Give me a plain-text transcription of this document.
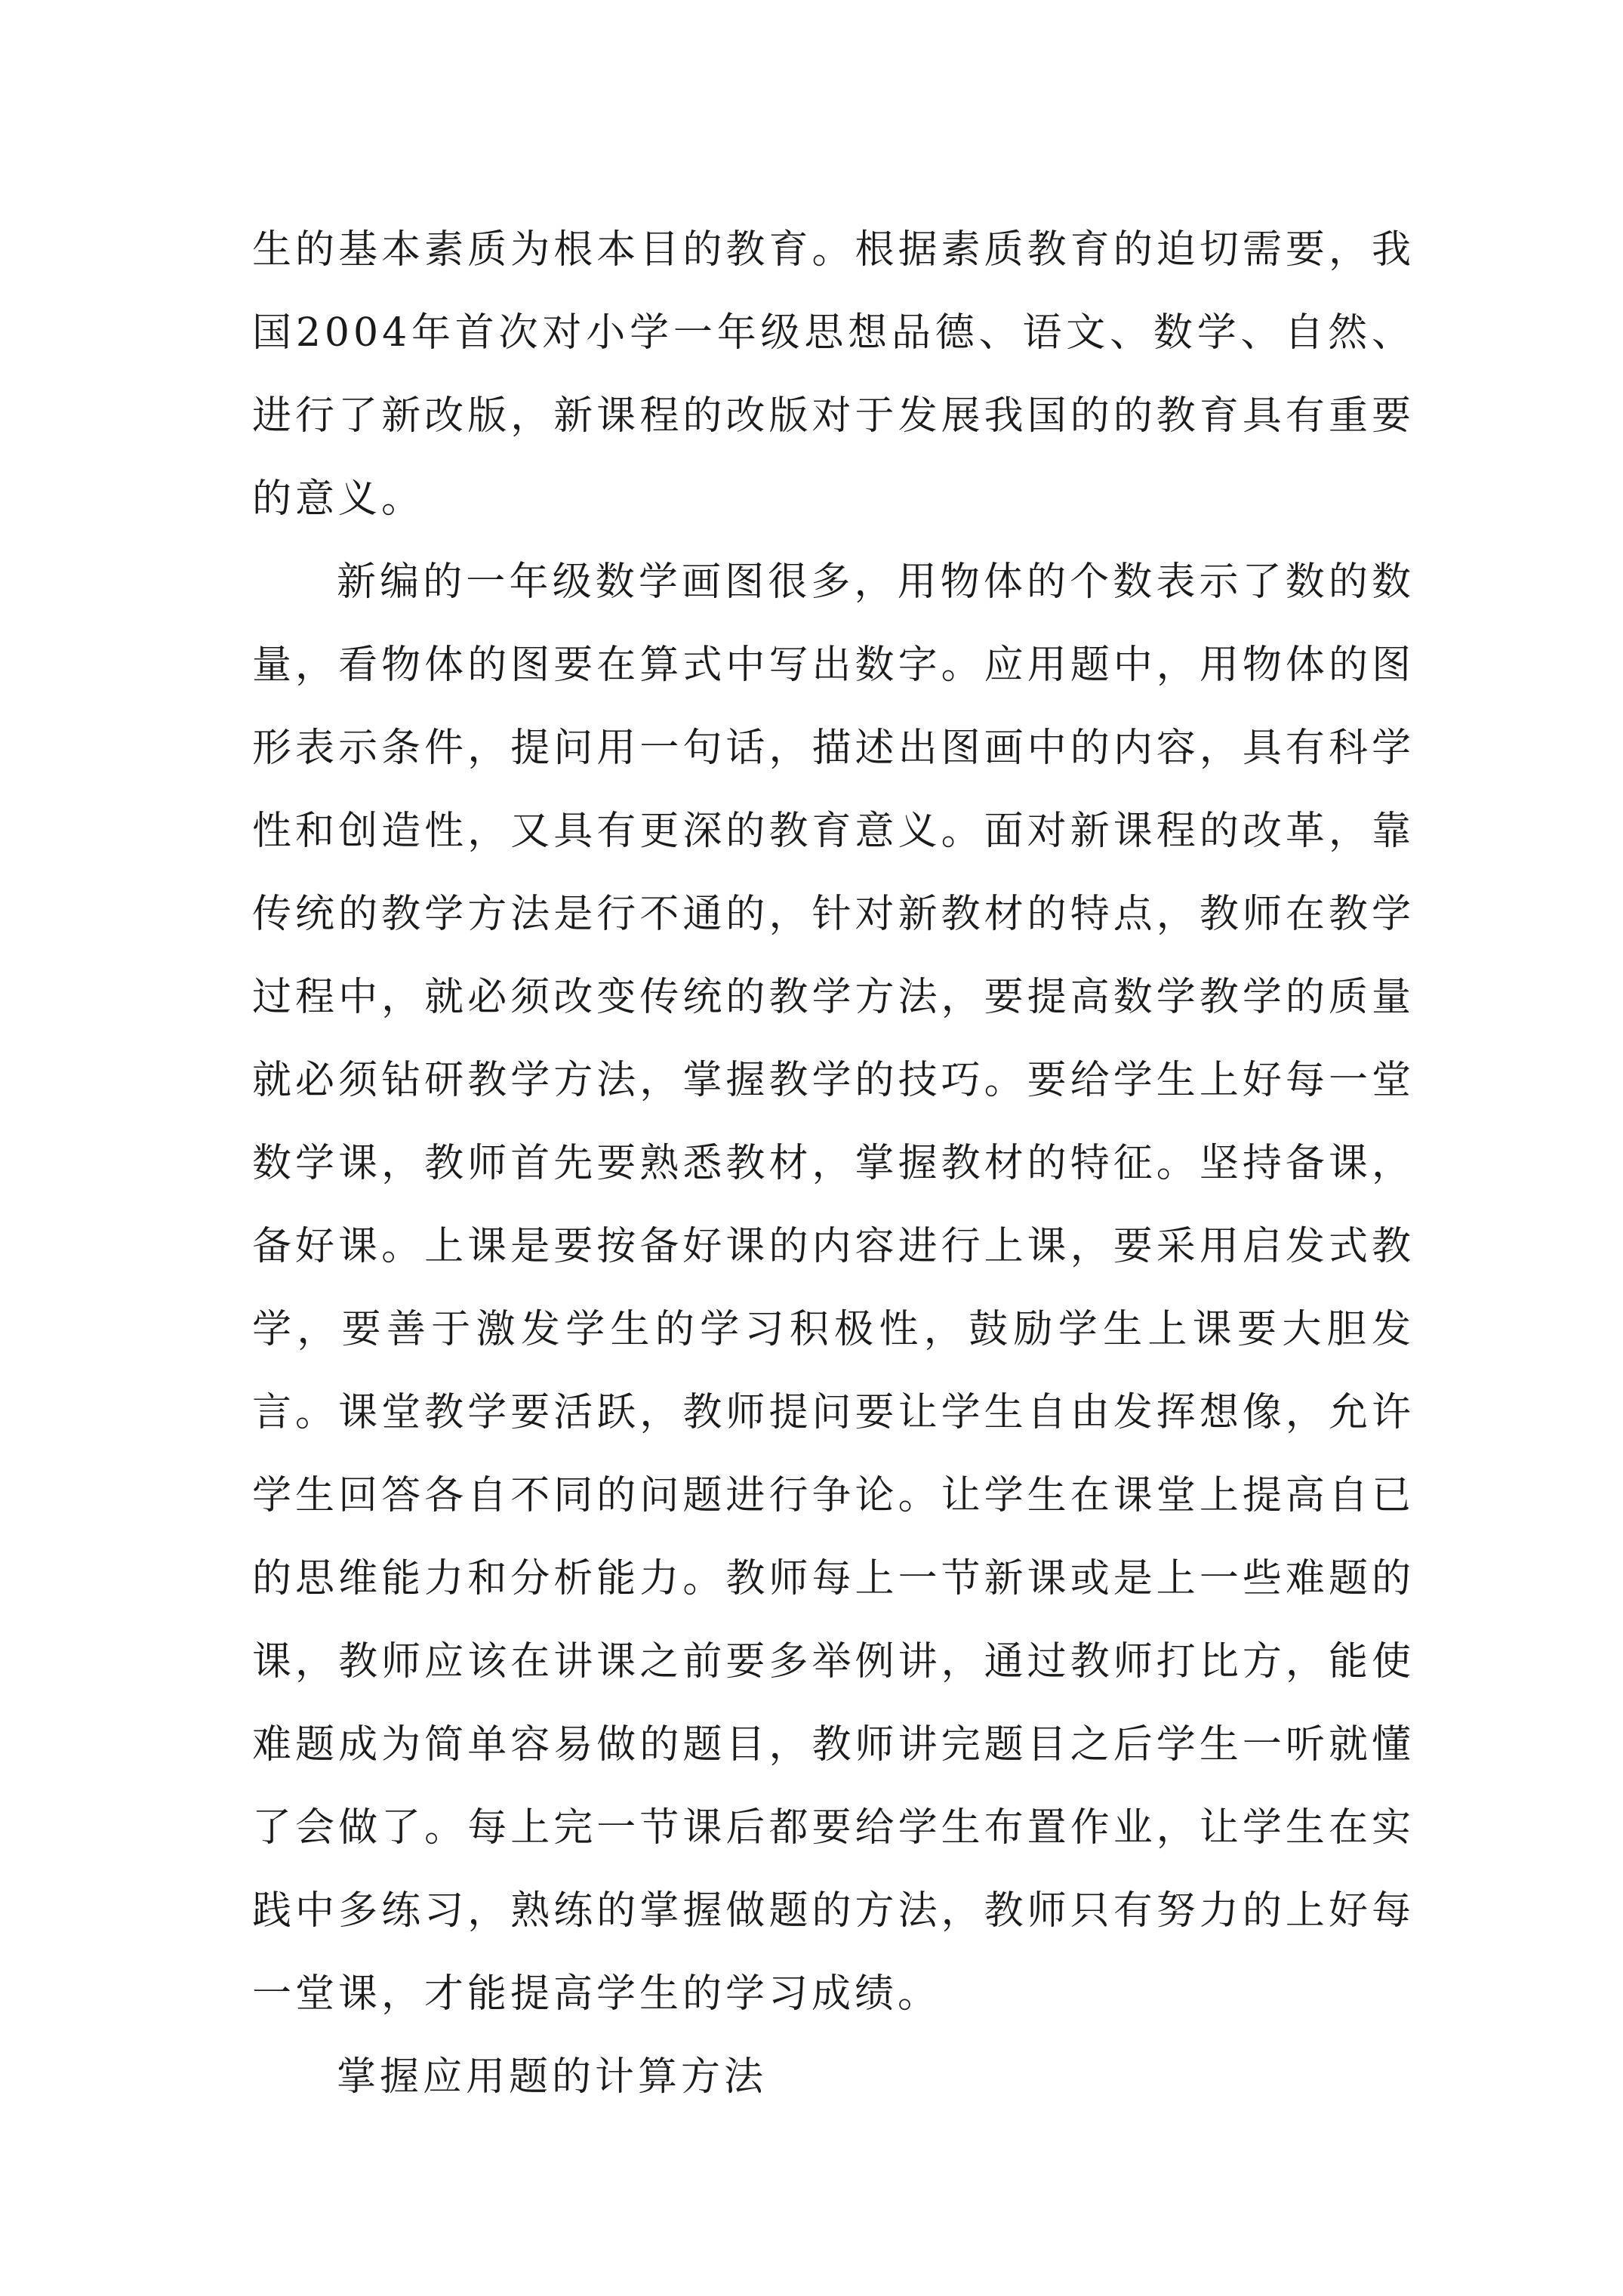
生的基本素质为根本目的教育。根据素质教育的迫切需要，我国2004年首次对小学一年级思想品德、语文、数学、自然、进行了新改版，新课程的改版对于发展我国的的教育具有重要的意义。

新编的一年级数学画图很多，用物体的个数表示了数的数量，看物体的图要在算式中写出数字。应用题中，用物体的图形表示条件，提问用一句话，描述出图画中的内容，具有科学性和创造性，又具有更深的教育意义。面对新课程的改革，靠传统的教学方法是行不通的，针对新教材的特点，教师在教学过程中，就必须改变传统的教学方法，要提高数学教学的质量就必须钻研教学方法，掌握教学的技巧。要给学生上好每一堂数学课，教师首先要熟悉教材，掌握教材的特征。坚持备课，备好课。上课是要按备好课的内容进行上课，要采用启发式教学，要善于激发学生的学习积极性，鼓励学生上课要大胆发言。课堂教学要活跃，教师提问要让学生自由发挥想像，允许学生回答各自不同的问题进行争论。让学生在课堂上提高自已的思维能力和分析能力。教师每上一节新课或是上一些难题的课，教师应该在讲课之前要多举例讲，通过教师打比方，能使难题成为简单容易做的题目，教师讲完题目之后学生一听就懂了会做了。每上完一节课后都要给学生布置作业，让学生在实践中多练习，熟练的掌握做题的方法，教师只有努力的上好每一堂课，才能提高学生的学习成绩。

掌握应用题的计算方法
